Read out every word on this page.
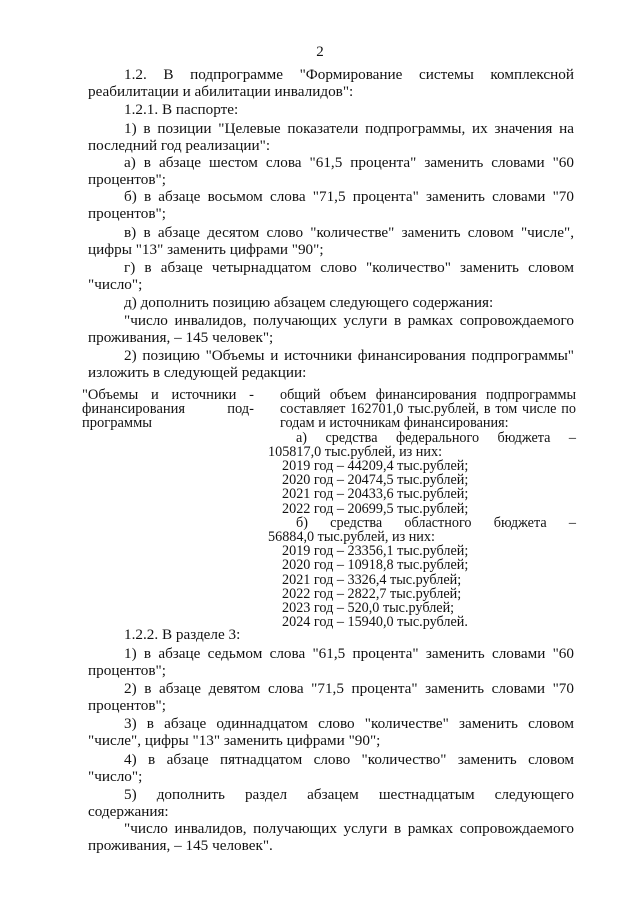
2
1.2. В подпрограмме "Формирование системы комплексной реабилитации и абилитации инвалидов":
1.2.1. В паспорте:
1) в позиции "Целевые показатели подпрограммы, их значения на последний год реализации":
а) в абзаце шестом слова "61,5 процента" заменить словами "60 процентов";
б) в абзаце восьмом слова "71,5 процента" заменить словами "70 процентов";
в) в абзаце десятом слово "количестве" заменить словом "числе", цифры "13" заменить цифрами "90";
г) в абзаце четырнадцатом слово "количество" заменить словом "число";
д) дополнить позицию абзацем следующего содержания:
"число инвалидов, получающих услуги в рамках сопровождаемого проживания, – 145 человек";
2) позицию "Объемы и источники финансирования подпрограммы" изложить в следующей редакции:
"Объемы и источники - финансирования под-программы
общий объем финансирования подпрограммы составляет 162701,0 тыс.рублей, в том числе по годам и источникам финансирования:
а) средства федерального бюджета –
105817,0 тыс.рублей, из них:
2019 год – 44209,4 тыс.рублей;
2020 год – 20474,5 тыс.рублей;
2021 год – 20433,6 тыс.рублей;
2022 год – 20699,5 тыс.рублей;
б) средства областного бюджета –
56884,0 тыс.рублей, из них:
2019 год – 23356,1 тыс.рублей;
2020 год – 10918,8 тыс.рублей;
2021 год – 3326,4 тыс.рублей;
2022 год – 2822,7 тыс.рублей;
2023 год – 520,0 тыс.рублей;
2024 год – 15940,0 тыс.рублей.
1.2.2. В разделе 3:
1) в абзаце седьмом слова "61,5 процента" заменить словами "60 процентов";
2) в абзаце девятом слова "71,5 процента" заменить словами "70 процентов";
3) в абзаце одиннадцатом слово "количестве" заменить словом "числе", цифры "13" заменить цифрами "90";
4) в абзаце пятнадцатом слово "количество" заменить словом "число";
5) дополнить раздел абзацем шестнадцатым следующего содержания:
"число инвалидов, получающих услуги в рамках сопровождаемого проживания, – 145 человек".
